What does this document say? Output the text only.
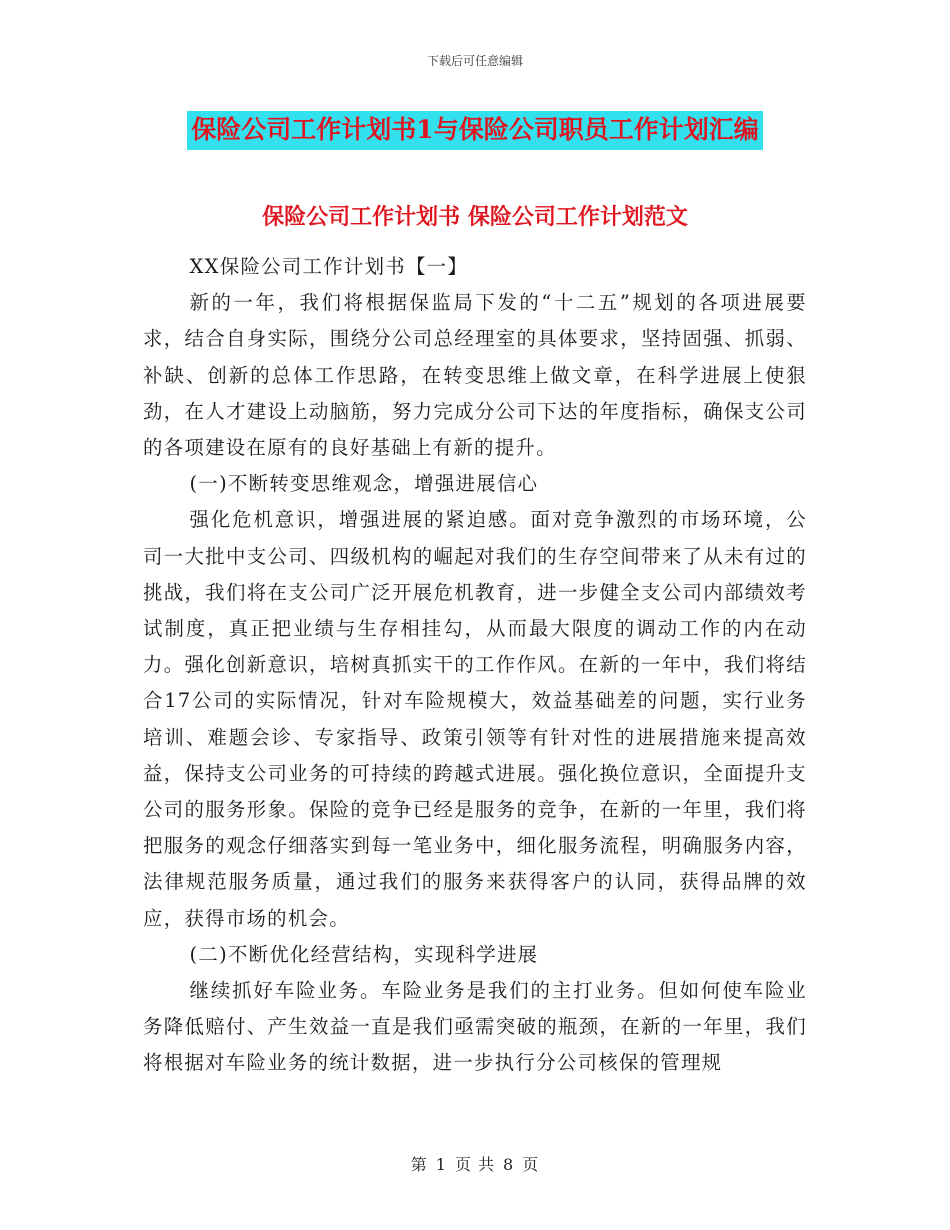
下载后可任意编辑
保险公司工作计划书1与保险公司职员工作计划汇编
保险公司工作计划书 保险公司工作计划范文

XX保险公司工作计划书【一】

新的一年，我们将根据保监局下发的“十二五”规划的各项进展要求，结合自身实际，围绕分公司总经理室的具体要求，坚持固强、抓弱、补缺、创新的总体工作思路，在转变思维上做文章，在科学进展上使狠劲，在人才建设上动脑筋，努力完成分公司下达的年度指标，确保支公司的各项建设在原有的良好基础上有新的提升。

(一)不断转变思维观念，增强进展信心

强化危机意识，增强进展的紧迫感。面对竞争激烈的市场环境，公司一大批中支公司、四级机构的崛起对我们的生存空间带来了从未有过的挑战，我们将在支公司广泛开展危机教育，进一步健全支公司内部绩效考试制度，真正把业绩与生存相挂勾，从而最大限度的调动工作的内在动力。强化创新意识，培树真抓实干的工作作风。在新的一年中，我们将结合17公司的实际情况，针对车险规模大，效益基础差的问题，实行业务培训、难题会诊、专家指导、政策引领等有针对性的进展措施来提高效益，保持支公司业务的可持续的跨越式进展。强化换位意识，全面提升支公司的服务形象。保险的竞争已经是服务的竞争，在新的一年里，我们将把服务的观念仔细落实到每一笔业务中，细化服务流程，明确服务内容，法律规范服务质量，通过我们的服务来获得客户的认同，获得品牌的效应，获得市场的机会。

(二)不断优化经营结构，实现科学进展

继续抓好车险业务。车险业务是我们的主打业务。但如何使车险业务降低赔付、产生效益一直是我们亟需突破的瓶颈，在新的一年里，我们将根据对车险业务的统计数据，进一步执行分公司核保的管理规

第 1 页 共 8 页
